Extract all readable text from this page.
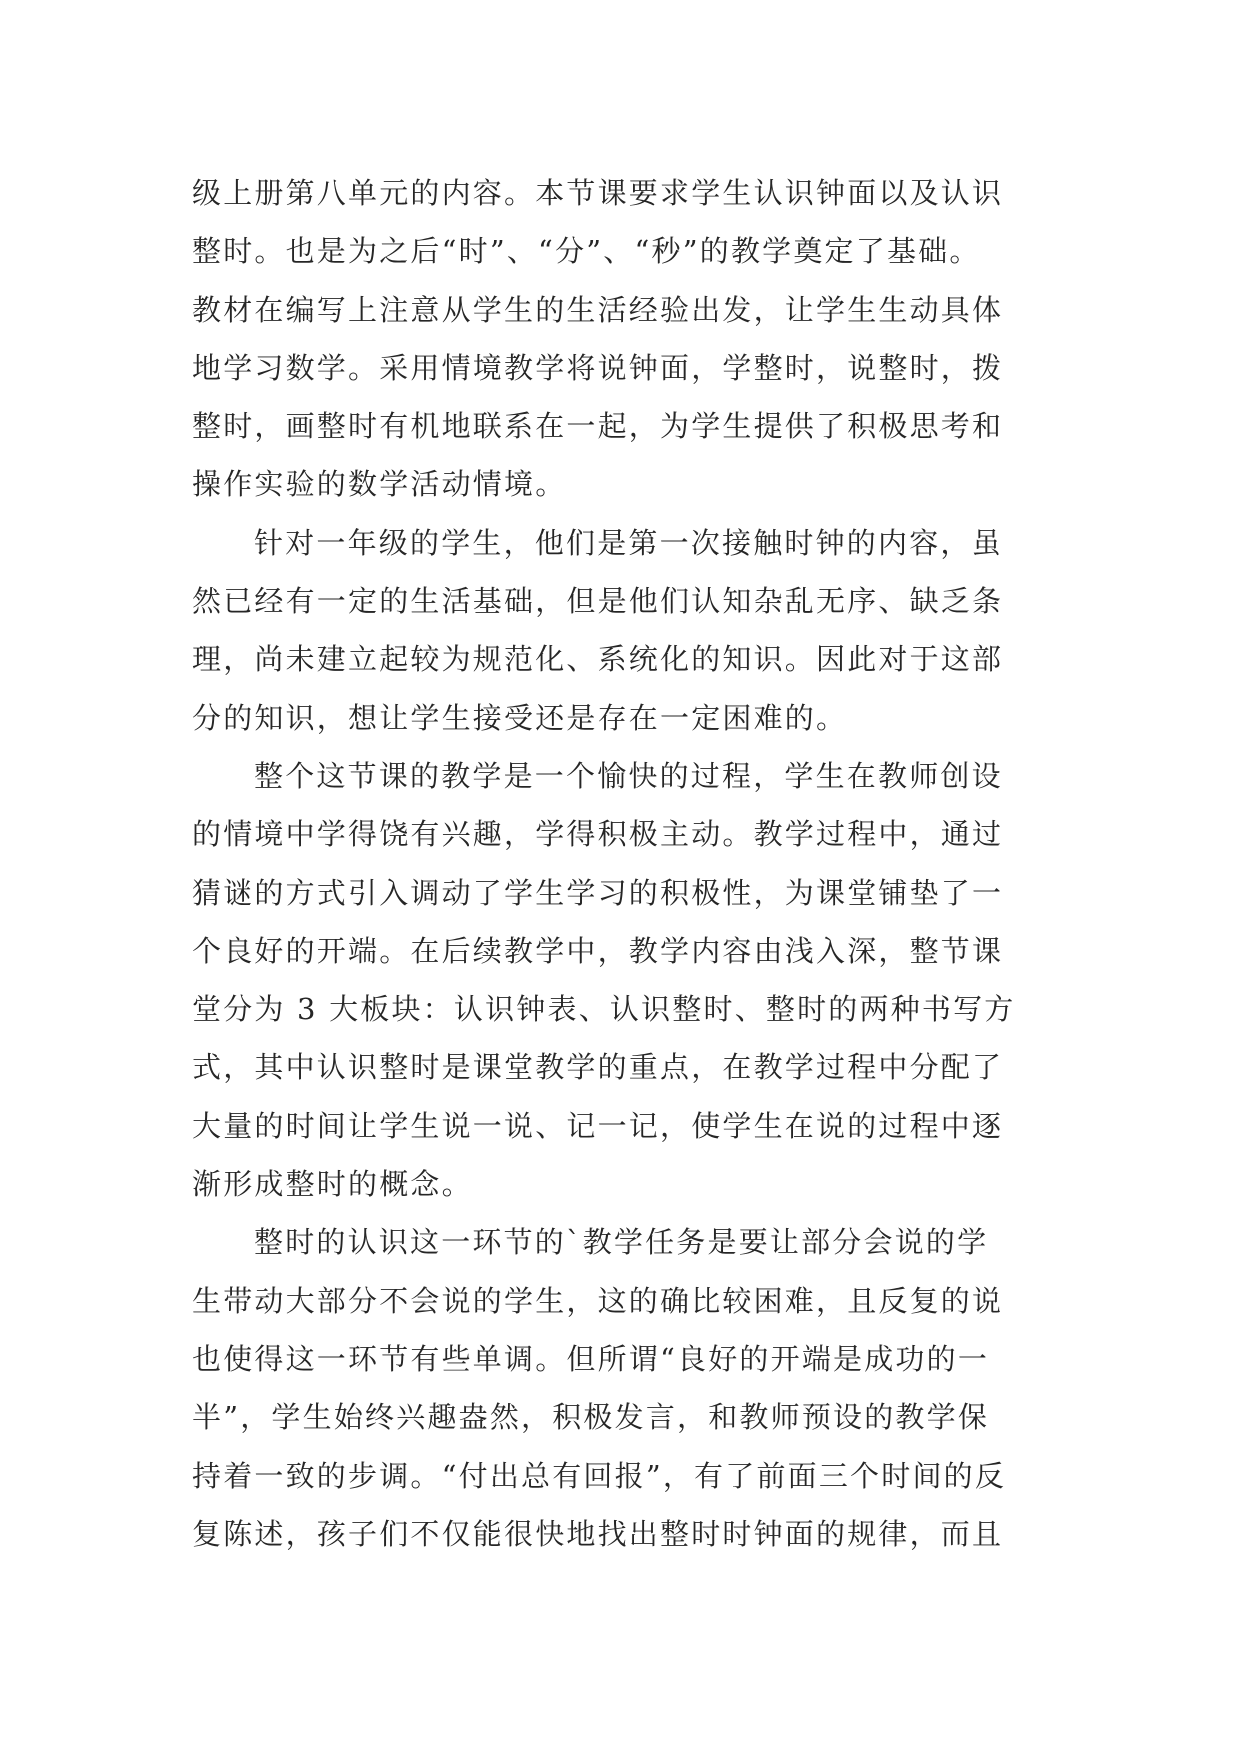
级上册第八单元的内容。本节课要求学生认识钟面以及认识
整时。也是为之后“时”、“分”、“秒”的教学奠定了基础。
教材在编写上注意从学生的生活经验出发，让学生生动具体
地学习数学。采用情境教学将说钟面，学整时，说整时，拨
整时，画整时有机地联系在一起，为学生提供了积极思考和
操作实验的数学活动情境。
针对一年级的学生，他们是第一次接触时钟的内容，虽
然已经有一定的生活基础，但是他们认知杂乱无序、缺乏条
理，尚未建立起较为规范化、系统化的知识。因此对于这部
分的知识，想让学生接受还是存在一定困难的。
整个这节课的教学是一个愉快的过程，学生在教师创设
的情境中学得饶有兴趣，学得积极主动。教学过程中，通过
猜谜的方式引入调动了学生学习的积极性，为课堂铺垫了一
个良好的开端。在后续教学中，教学内容由浅入深，整节课
堂分为 3 大板块：认识钟表、认识整时、整时的两种书写方
式，其中认识整时是课堂教学的重点，在教学过程中分配了
大量的时间让学生说一说、记一记，使学生在说的过程中逐
渐形成整时的概念。
整时的认识这一环节的`教学任务是要让部分会说的学
生带动大部分不会说的学生，这的确比较困难，且反复的说
也使得这一环节有些单调。但所谓“良好的开端是成功的一
半”，学生始终兴趣盎然，积极发言，和教师预设的教学保
持着一致的步调。“付出总有回报”，有了前面三个时间的反
复陈述，孩子们不仅能很快地找出整时时钟面的规律，而且
